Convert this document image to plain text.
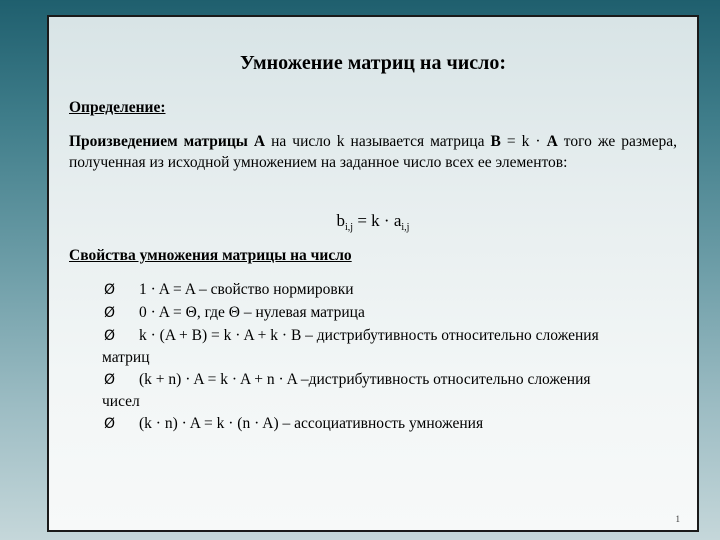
Умножение матриц на число:

Определение:

Произведением матрицы А на число k называется матрица В = k · А того же размера, полученная из исходной умножением на заданное число всех ее элементов:

$b_{i,j} = k \cdot a_{i,j}$

Свойства умножения матрицы на число

Ø 1 · A = A – свойство нормировки
Ø 0 · A = Θ, где Θ – нулевая матрица
Ø k · (A + B) = k · A + k · B – дистрибутивность относительно сложения
матриц
Ø (k + n) · A = k · A + n · A –дистрибутивность относительно сложения
чисел
Ø (k · n) · A = k · (n · A) – ассоциативность умножения
1
